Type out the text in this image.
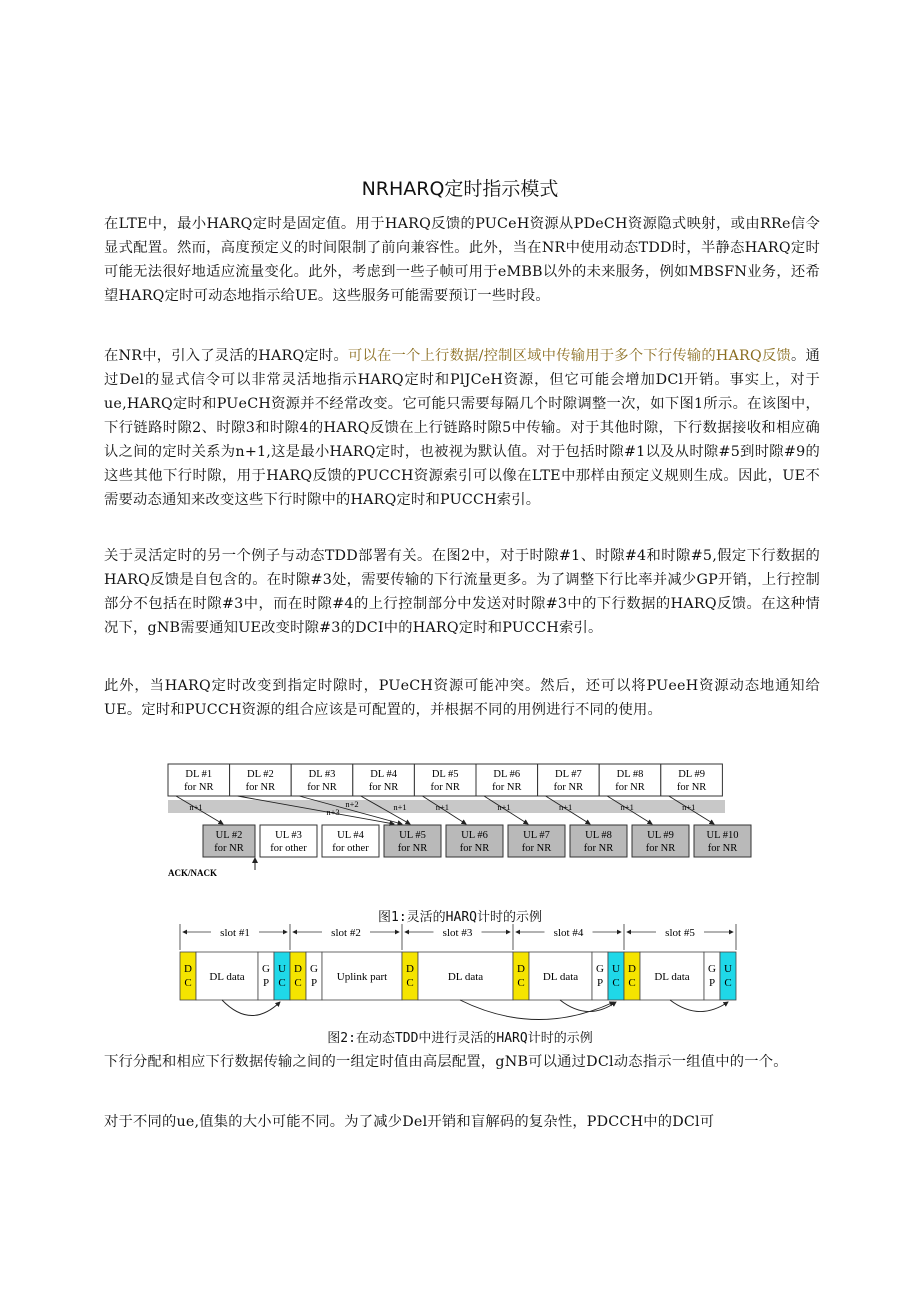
NRHARQ定时指示模式

在LTE中，最小HARQ定时是固定值。用于HARQ反馈的PUCeH资源从PDeCH资源隐式映射，或由RRe信令显式配置。然而，高度预定义的时间限制了前向兼容性。此外，当在NR中使用动态TDD时，半静态HARQ定时可能无法很好地适应流量变化。此外，考虑到一些子帧可用于eMBB以外的未来服务，例如MBSFN业务，还希望HARQ定时可动态地指示给UE。这些服务可能需要预订一些时段。

在NR中，引入了灵活的HARQ定时。可以在一个上行数据/控制区域中传输用于多个下行传输的HARQ反馈。通过Del的显式信令可以非常灵活地指示HARQ定时和PlJCeH资源，但它可能会增加DCl开销。事实上，对于ue,HARQ定时和PUeCH资源并不经常改变。它可能只需要每隔几个时隙调整一次，如下图1所示。在该图中，下行链路时隙2、时隙3和时隙4的HARQ反馈在上行链路时隙5中传输。对于其他时隙，下行数据接收和相应确认之间的定时关系为n+1,这是最小HARQ定时，也被视为默认值。对于包括时隙#1以及从时隙#5到时隙#9的这些其他下行时隙，用于HARQ反馈的PUCCH资源索引可以像在LTE中那样由预定义规则生成。因此，UE不需要动态通知来改变这些下行时隙中的HARQ定时和PUCCH索引。

关于灵活定时的另一个例子与动态TDD部署有关。在图2中，对于时隙#1、时隙#4和时隙#5,假定下行数据的HARQ反馈是自包含的。在时隙#3处，需要传输的下行流量更多。为了调整下行比率并减少GP开销，上行控制部分不包括在时隙#3中，而在时隙#4的上行控制部分中发送对时隙#3中的下行数据的HARQ反馈。在这种情况下，gNB需要通知UE改变时隙#3的DCI中的HARQ定时和PUCCH索引。

此外，当HARQ定时改变到指定时隙时，PUeCH资源可能冲突。然后，还可以将PUeeH资源动态地通知给UE。定时和PUCCH资源的组合应该是可配置的，并根据不同的用例进行不同的使用。

DL #1
for NR
DL #2
for NR
DL #3
for NR
DL #4
for NR
DL #5
for NR
DL #6
for NR
DL #7
for NR
DL #8
for NR
DL #9
for NR
UL #2
for NR
UL #3
for other
UL #4
for other
UL #5
for NR
UL #6
for NR
UL #7
for NR
UL #8
for NR
UL #9
for NR
UL #10
for NR
n+1	n+3
n+2	n+1	n+1	n+1	n+1	n+1	n+1
ACK/NACK
图1:灵活的HARQ计时的示例
slot #1	slot #2	slot #3	slot #4	slot #5
D
C DL data
G
P
U
C
D
C
G
P Uplink part
D
C	DL data
D
C DL data
G
P
U
C
D
C DL data
G
P
U
C
图2:在动态TDD中进行灵活的HARQ计时的示例

下行分配和相应下行数据传输之间的一组定时值由高层配置，gNB可以通过DCl动态指示一组值中的一个。

对于不同的ue,值集的大小可能不同。为了减少Del开销和盲解码的复杂性，PDCCH中的DCl可
